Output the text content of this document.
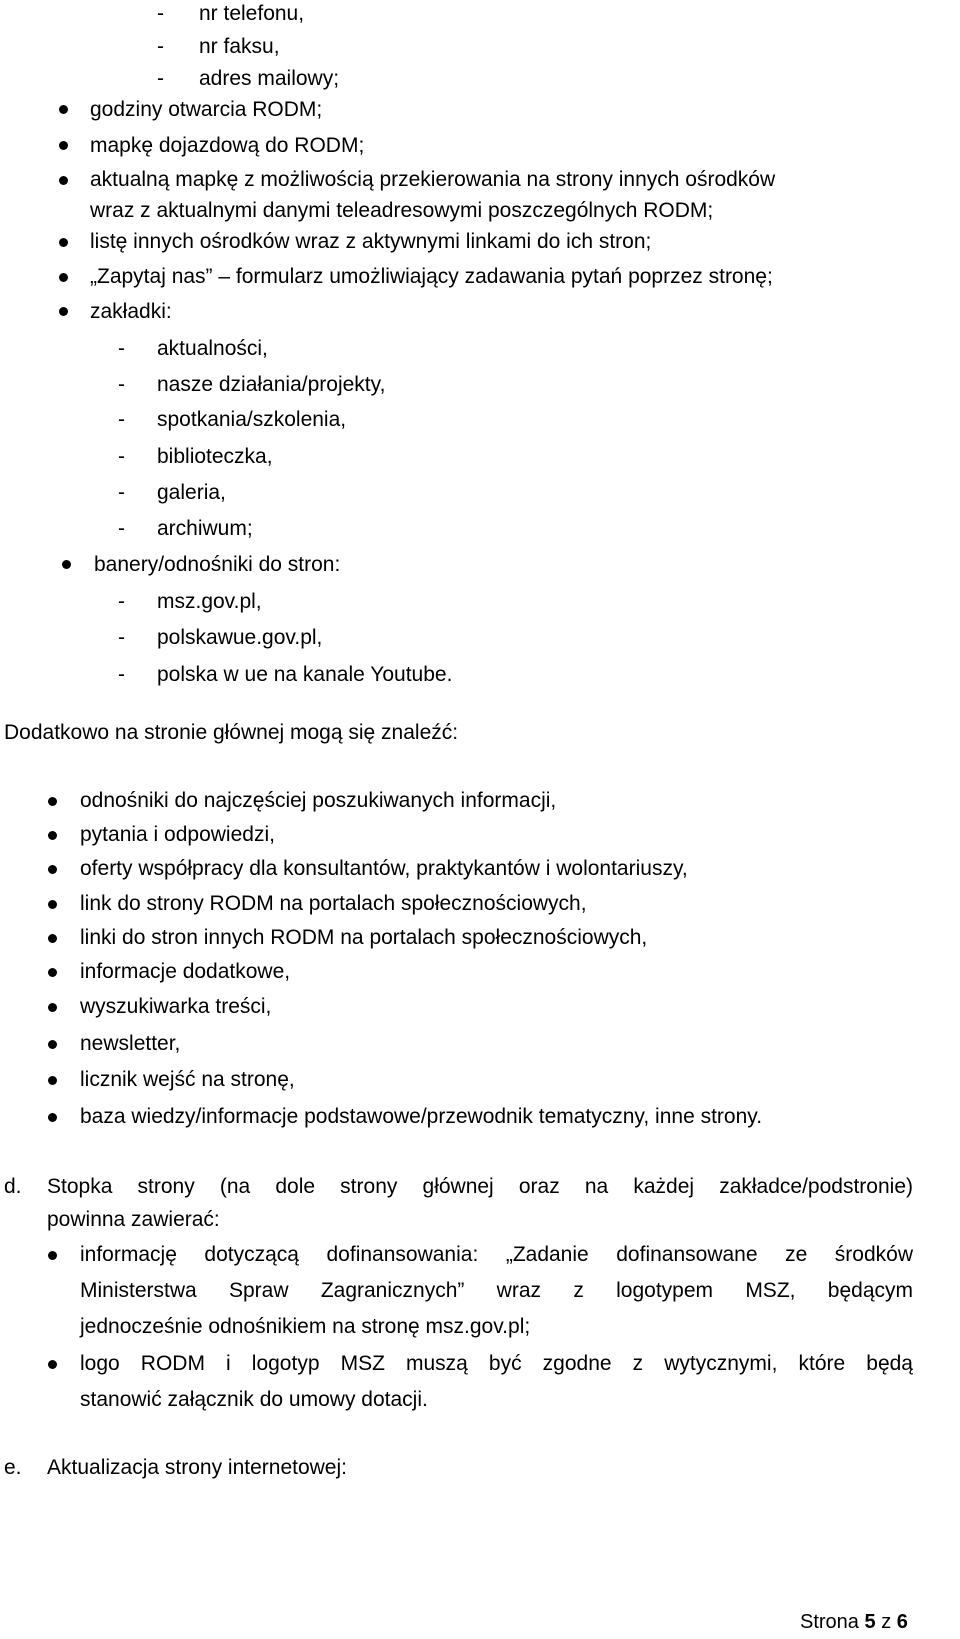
- nr telefonu,
- nr faksu,
- adres mailowy;
godziny otwarcia RODM;
mapkę dojazdową do RODM;
aktualną mapkę z możliwością przekierowania na strony innych ośrodków
wraz z aktualnymi danymi teleadresowymi poszczególnych RODM;
listę innych ośrodków wraz z aktywnymi linkami do ich stron;
„Zapytaj nas” – formularz umożliwiający zadawania pytań poprzez stronę;
zakładki:
- aktualności,
- nasze działania/projekty,
- spotkania/szkolenia,
- biblioteczka,
- galeria,
- archiwum;
banery/odnośniki do stron:
- msz.gov.pl,
- polskawue.gov.pl,
- polska w ue na kanale Youtube.
Dodatkowo na stronie głównej mogą się znaleźć:
odnośniki do najczęściej poszukiwanych informacji,
pytania i odpowiedzi,
oferty współpracy dla konsultantów, praktykantów i wolontariuszy,
link do strony RODM na portalach społecznościowych,
linki do stron innych RODM na portalach społecznościowych,
informacje dodatkowe,
wyszukiwarka treści,
newsletter,
licznik wejść na stronę,
baza wiedzy/informacje podstawowe/przewodnik tematyczny, inne strony.
d. Stopka strony (na dole strony głównej oraz na każdej zakładce/podstronie)
powinna zawierać:
informację dotyczącą dofinansowania: „Zadanie dofinansowane ze środków
Ministerstwa Spraw Zagranicznych” wraz z logotypem MSZ, będącym
jednocześnie odnośnikiem na stronę msz.gov.pl;
logo RODM i logotyp MSZ muszą być zgodne z wytycznymi, które będą
stanowić załącznik do umowy dotacji.
e. Aktualizacja strony internetowej:
Strona 5 z 6
